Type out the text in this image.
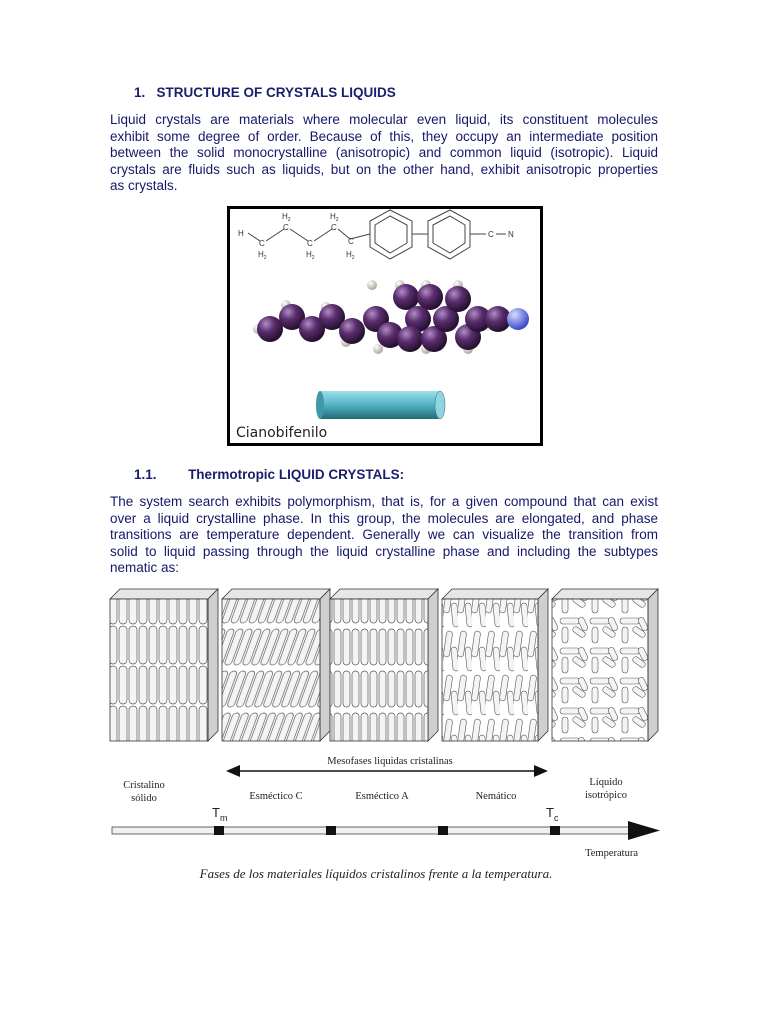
1. STRUCTURE OF CRYSTALS LIQUIDS
Liquid crystals are materials where molecular even liquid, its constituent molecules
exhibit some degree of order. Because of this, they occupy an intermediate position
between the solid monocrystalline (anisotropic) and common liquid (isotropic). Liquid
crystals are fluids such as liquids, but on the other hand, exhibit anisotropic properties
as crystals.
H
C
C
C
C
C
$H_2$	$H_2$
$H_2$	$H_2$	$H_2$
C N
Cianobifenilo
1.1. Thermotropic LIQUID CRYSTALS:
The system search exhibits polymorphism, that is, for a given compound that can exist
over a liquid crystalline phase. In this group, the molecules are elongated, and phase
transitions are temperature dependent. Generally we can visualize the transition from
solid to liquid passing through the liquid crystalline phase and including the subtypes
nematic as:
Mesofases liquidas cristalinas
Cristalino
sólido	Esméctico C	Esméctico A	Nemático
Líquido
isotrópico
$T_m$	$T_c$
Temperatura
Fases de los materiales líquidos cristalinos frente a la temperatura.
